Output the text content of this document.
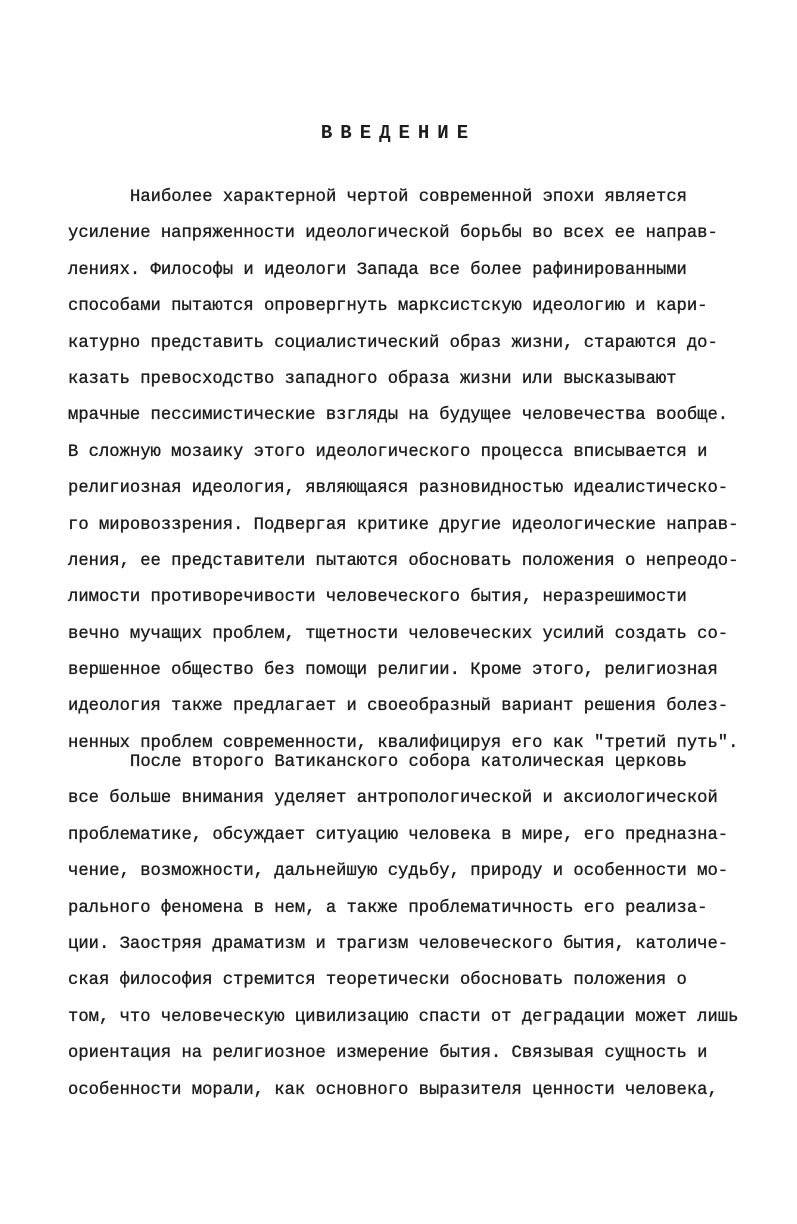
ВВЕДЕНИЕ
Наиболее характерной чертой современной эпохи является
усиление напряженности идеологической борьбы во всех ее направ-
лениях. Философы и идеологи Запада все более рафинированными
способами пытаются опровергнуть марксистскую идеологию и кари-
катурно представить социалистический образ жизни, стараются до-
казать превосходство западного образа жизни или высказывают
мрачные пессимистические взгляды на будущее человечества вообще.
В сложную мозаику этого идеологического процесса вписывается и
религиозная идеология, являющаяся разновидностью идеалистическо-
го мировоззрения. Подвергая критике другие идеологические направ-
ления, ее представители пытаются обосновать положения о непреодо-
лимости противоречивости человеческого бытия, неразрешимости
вечно мучащих проблем, тщетности человеческих усилий создать со-
вершенное общество без помощи религии. Кроме этого, религиозная
идеология также предлагает и своеобразный вариант решения болез-
ненных проблем современности, квалифицируя его как "третий путь".
После второго Ватиканского собора католическая церковь
все больше внимания уделяет антропологической и аксиологической
проблематике, обсуждает ситуацию человека в мире, его предназна-
чение, возможности, дальнейшую судьбу, природу и особенности мо-
рального феномена в нем, а также проблематичность его реализа-
ции. Заостряя драматизм и трагизм человеческого бытия, католиче-
ская философия стремится теоретически обосновать положения о
том, что человеческую цивилизацию спасти от деградации может лишь
ориентация на религиозное измерение бытия. Связывая сущность и
особенности морали, как основного выразителя ценности человека,
